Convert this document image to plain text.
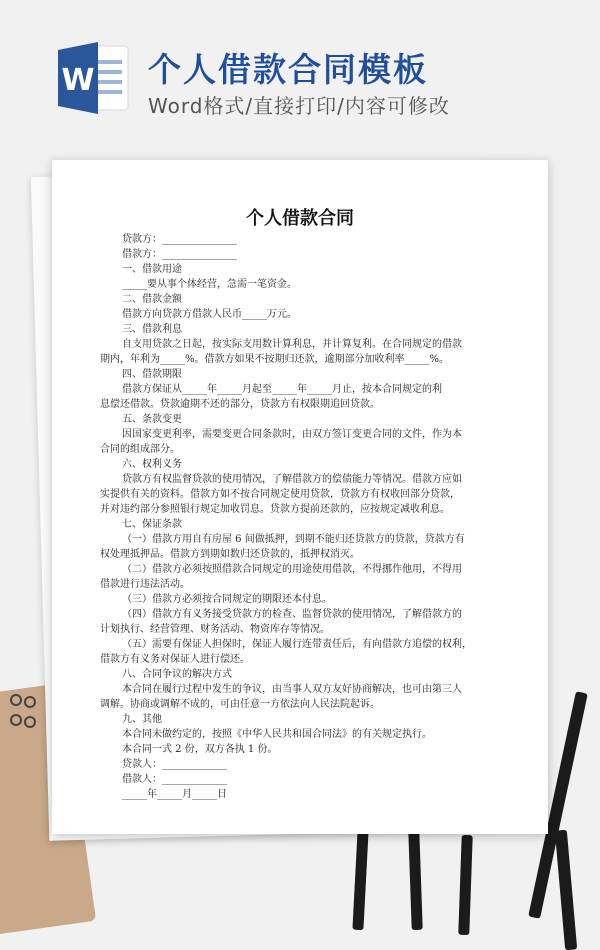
W 个人借款合同模板
Word格式/直接打印/内容可修改
个人借款合同
贷款方：_______________
借款方：_______________
一、借款用途
_____要从事个体经营，急需一笔资金。
二、借款金额
借款方向贷款方借款人民币_____万元。
三、借款利息
自支用贷款之日起，按实际支用数计算利息，并计算复利。在合同规定的借款
期内，年利为_____%。借款方如果不按期归还款，逾期部分加收利率_____%。
四、借款期限
借款方保证从_____年_____月起至_____年_____月止，按本合同规定的利
息偿还借款。贷款逾期不还的部分，贷款方有权限期追回贷款。
五、条款变更
因国家变更利率，需要变更合同条款时，由双方签订变更合同的文件，作为本
合同的组成部分。
六、权利义务
贷款方有权监督贷款的使用情况，了解借款方的偿债能力等情况。借款方应如
实提供有关的资料。借款方如不按合同规定使用贷款，贷款方有权收回部分贷款，
并对违约部分参照银行规定加收罚息。贷款方提前还款的，应按规定减收利息。
七、保证条款
（一）借款方用自有房屋 6 间做抵押，到期不能归还贷款方的贷款，贷款方有
权处理抵押品。借款方到期如数归还贷款的，抵押权消灭。
（二）借款方必须按照借款合同规定的用途使用借款，不得挪作他用，不得用
借款进行违法活动。
（三）借款方必须按合同规定的期限还本付息。
（四）借款方有义务接受贷款方的检查、监督贷款的使用情况，了解借款方的
计划执行、经营管理、财务活动、物资库存等情况。
（五）需要有保证人担保时，保证人履行连带责任后，有向借款方追偿的权利，
借款方有义务对保证人进行偿还。
八、合同争议的解决方式
本合同在履行过程中发生的争议，由当事人双方友好协商解决，也可由第三人
调解。协商或调解不成的，可由任意一方依法向人民法院起诉。
九、其他
本合同未做约定的，按照《中华人民共和国合同法》的有关规定执行。
本合同一式 2 份，双方各执 1 份。
贷款人：_____________
借款人：_____________
_____年_____月_____日
